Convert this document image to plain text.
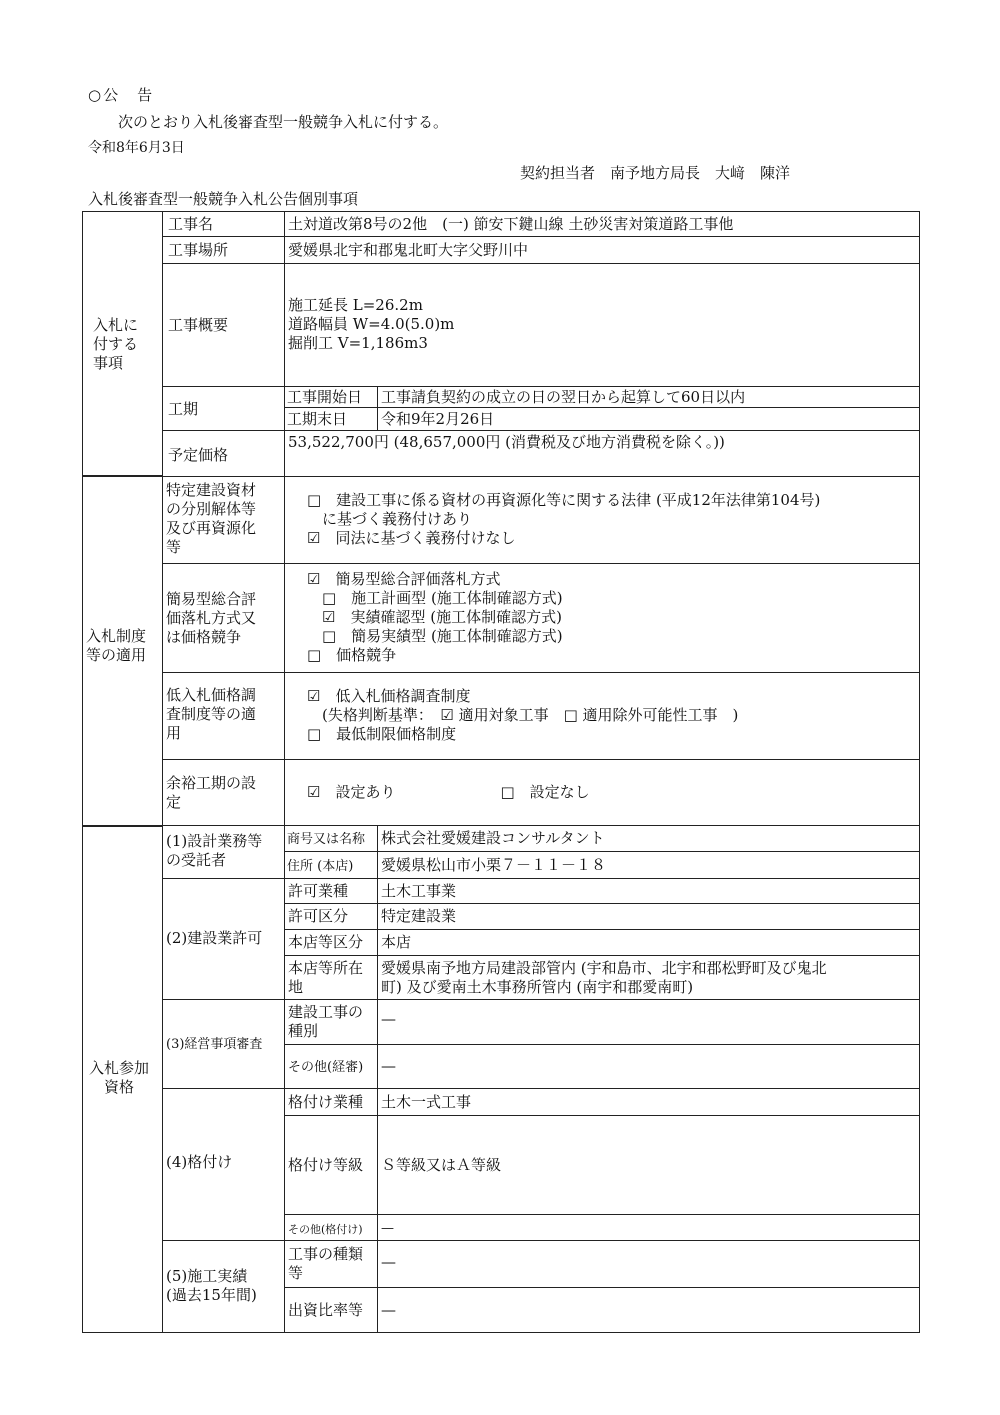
○公　告
次のとおり入札後審査型一般競争入札に付する。
令和8年6月3日
契約担当者　南予地方局長　大﨑　陳洋
入札後審査型一般競争入札公告個別事項
入札に
付する
事項
入札制度
等の適用
入札参加
資格
工事名	土対道改第8号の2他　(一) 節安下鍵山線 土砂災害対策道路工事他
工事場所	愛媛県北宇和郡鬼北町大字父野川中
工事概要
施工延長 L=26.2m
道路幅員 W=4.0(5.0)m
掘削工 V=1,186m3
工期
工事開始日 工事請負契約の成立の日の翌日から起算して60日以内
工期末日 令和9年2月26日
予定価格
53,522,700円 (48,657,000円 (消費税及び地方消費税を除く。))
特定建設資材
の分別解体等
及び再資源化
等
□　建設工事に係る資材の再資源化等に関する法律 (平成12年法律第104号)
　に基づく義務付けあり
☑　同法に基づく義務付けなし
簡易型総合評
価落札方式又
は価格競争
☑　簡易型総合評価落札方式
　□　施工計画型 (施工体制確認方式)
　☑　実績確認型 (施工体制確認方式)
　□　簡易実績型 (施工体制確認方式)
□　価格競争
低入札価格調
査制度等の適
用
☑　低入札価格調査制度
　(失格判断基準：　☑ 適用対象工事　□ 適用除外可能性工事　)
□　最低制限価格制度
余裕工期の設
定
☑　設定あり　　　　　　　□　設定なし
(1)設計業務等
の受託者
商号又は名称 株式会社愛媛建設コンサルタント
住所 (本店) 愛媛県松山市小栗７－１１－１８
(2)建設業許可
許可業種 土木工事業
許可区分 特定建設業
本店等区分 本店
本店等所在
地
愛媛県南予地方局建設部管内 (宇和島市、北宇和郡松野町及び鬼北
町) 及び愛南土木事務所管内 (南宇和郡愛南町)
(3)経営事項審査
建設工事の
種別
—
その他(経審) —
(4)格付け
格付け業種 土木一式工事
格付け等級 Ｓ等級又はＡ等級
その他(格付け) —
(5)施工実績
(過去15年間)
工事の種類
等
—
出資比率等 —
